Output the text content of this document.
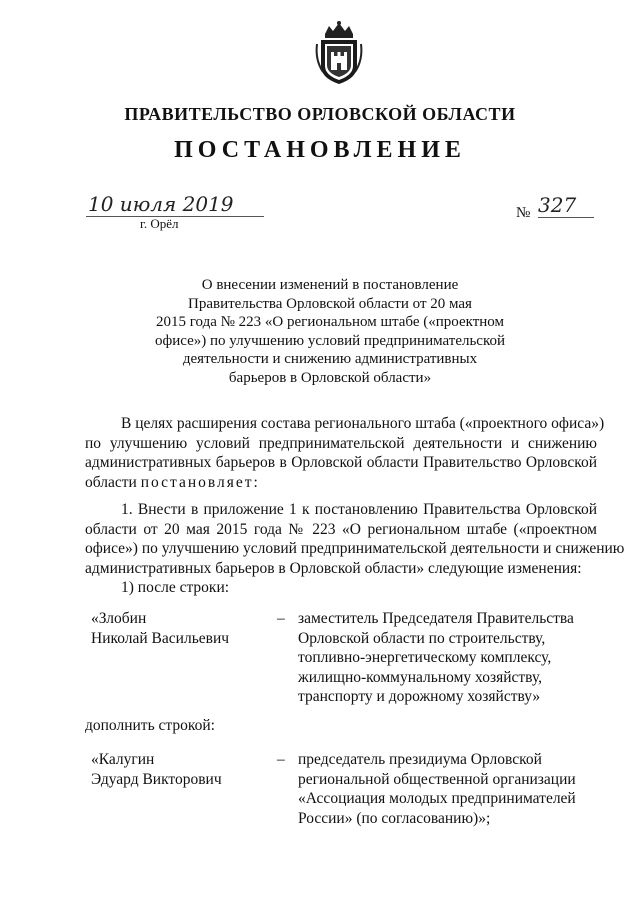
ПРАВИТЕЛЬСТВО ОРЛОВСКОЙ ОБЛАСТИ
ПОСТАНОВЛЕНИЕ
10 июля 2019
г. Орёл
№ 327
О внесении изменений в постановление
Правительства Орловской области от 20 мая
2015 года № 223 «О региональном штабе («проектном
офисе») по улучшению условий предпринимательской
деятельности и снижению административных
барьеров в Орловской области»
В целях расширения состава регионального штаба («проектного офиса»)
по улучшению условий предпринимательской деятельности и снижению
административных барьеров в Орловской области Правительство Орловской
области постановляет:
1. Внести в приложение 1 к постановлению Правительства Орловской
области от 20 мая 2015 года № 223 «О региональном штабе («проектном
офисе») по улучшению условий предпринимательской деятельности и снижению
административных барьеров в Орловской области» следующие изменения:
1) после строки:
«Злобин
Николай Васильевич
– заместитель Председателя Правительства
Орловской области по строительству,
топливно-энергетическому комплексу,
жилищно-коммунальному хозяйству,
транспорту и дорожному хозяйству»
дополнить строкой:
«Калугин
Эдуард Викторович
– председатель президиума Орловской
региональной общественной организации
«Ассоциация молодых предпринимателей
России» (по согласованию)»;
